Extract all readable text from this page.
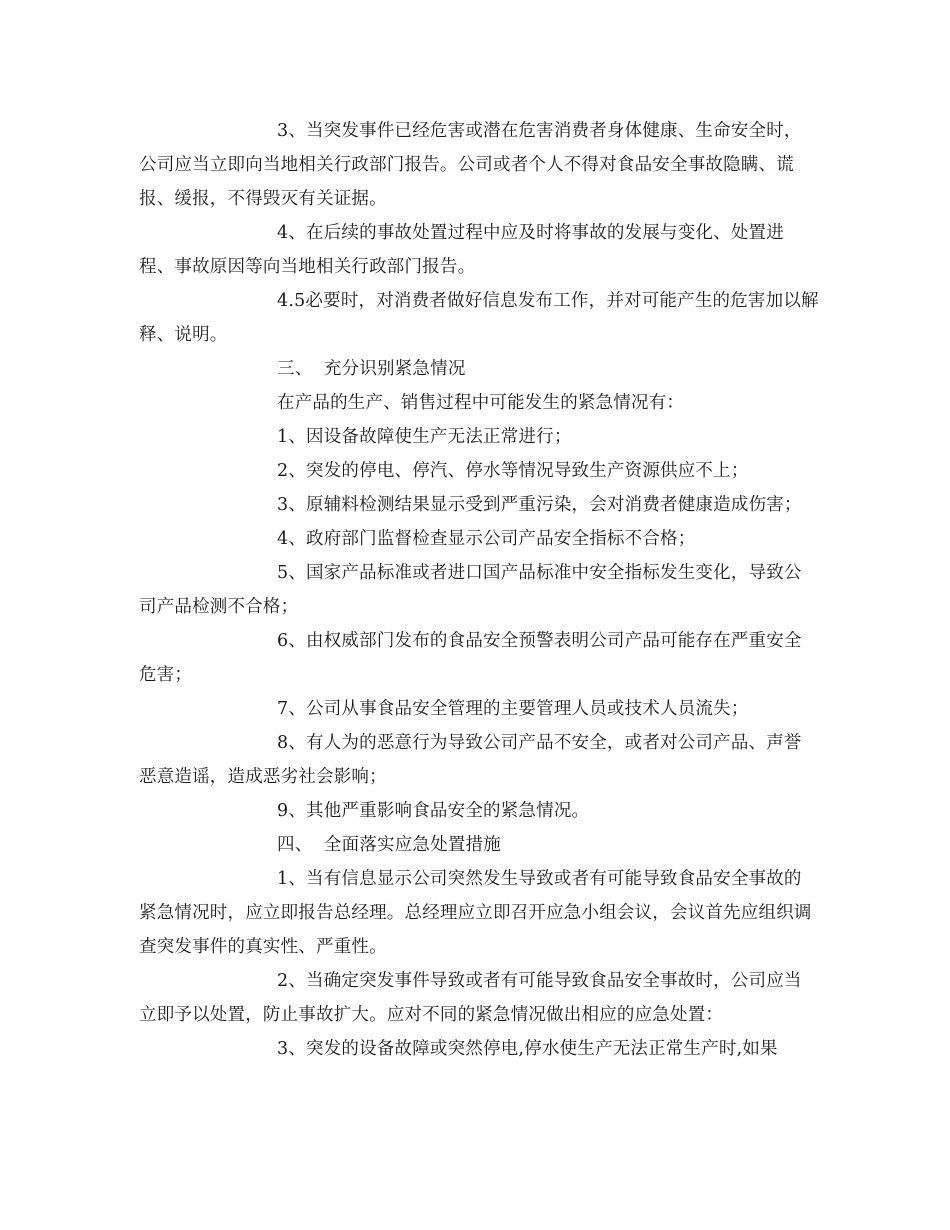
3、当突发事件已经危害或潜在危害消费者身体健康、生命安全时，公司应当立即向当地相关行政部门报告。公司或者个人不得对食品安全事故隐瞒、谎报、缓报，不得毁灭有关证据。

4、在后续的事故处置过程中应及时将事故的发展与变化、处置进程、事故原因等向当地相关行政部门报告。

4.5必要时，对消费者做好信息发布工作，并对可能产生的危害加以解释、说明。

三、  充分识别紧急情况

在产品的生产、销售过程中可能发生的紧急情况有：

1、因设备故障使生产无法正常进行；

2、突发的停电、停汽、停水等情况导致生产资源供应不上；

3、原辅料检测结果显示受到严重污染，会对消费者健康造成伤害；

4、政府部门监督检查显示公司产品安全指标不合格；

5、国家产品标准或者进口国产品标准中安全指标发生变化，导致公司产品检测不合格；

6、由权威部门发布的食品安全预警表明公司产品可能存在严重安全危害；

7、公司从事食品安全管理的主要管理人员或技术人员流失；

8、有人为的恶意行为导致公司产品不安全，或者对公司产品、声誉恶意造谣，造成恶劣社会影响；

9、其他严重影响食品安全的紧急情况。

四、  全面落实应急处置措施

1、当有信息显示公司突然发生导致或者有可能导致食品安全事故的紧急情况时，应立即报告总经理。总经理应立即召开应急小组会议，会议首先应组织调查突发事件的真实性、严重性。

2、当确定突发事件导致或者有可能导致食品安全事故时，公司应当立即予以处置，防止事故扩大。应对不同的紧急情况做出相应的应急处置：

3、突发的设备故障或突然停电,停水使生产无法正常生产时,如果
